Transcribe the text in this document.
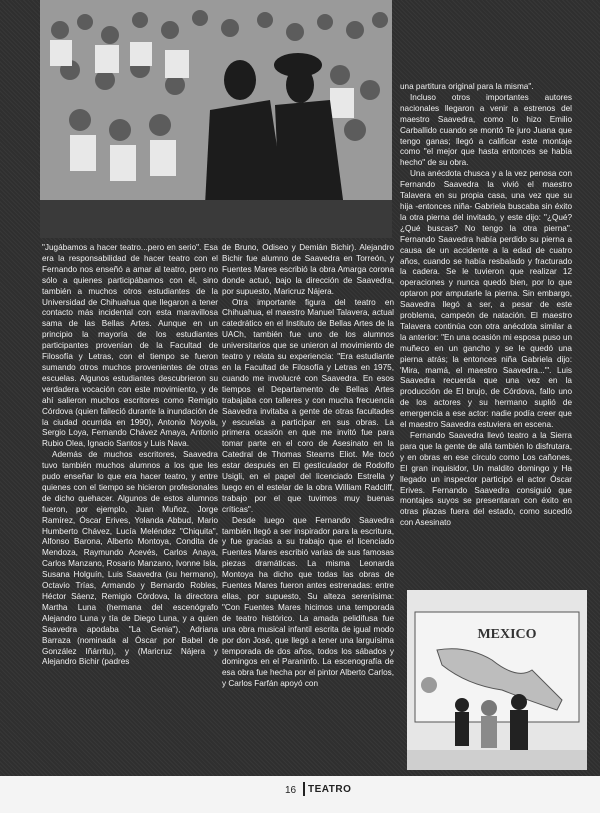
"Jugábamos a hacer teatro...pero en serio". Esa era la responsabilidad de hacer teatro con el Fernando nos enseñó a amar al teatro, pero no sólo a quienes participábamos con él, sino también a muchos otros estudiantes de la Universidad de Chihuahua que llegaron a tener contacto más incidental con esta maravillosa sama de las Bellas Artes. Aunque en un principio la mayoría de los estudiantes participantes provenían de la Facultad de Filosofía y Letras, con el tiempo se fueron sumando otros muchos provenientes de otras escuelas. Algunos estudiantes descubrieron su verdadera vocación con este movimiento, y de ahí salieron muchos escritores como Remigio Córdova (quien falleció durante la inundación de la ciudad ocurrida en 1990), Antonio Noyola, Sergio Loya, Fernando Chávez Amaya, Antonio Rubio Olea, Ignacio Santos y Luis Nava.

Además de muchos escritores, Saavedra tuvo también muchos alumnos a los que les pudo enseñar lo que era hacer teatro, y entre quienes con el tiempo se hicieron profesionales de dicho quehacer. Algunos de estos alumnos fueron, por ejemplo, Juan Muñoz, Jorge Ramírez, Óscar Erives, Yolanda Abbud, Mario Humberto Chávez, Lucía Meléndez "Chiquita", Alfonso Barona, Alberto Montoya, Condita de Mendoza, Raymundo Acevés, Carlos Anaya, Carlos Manzano, Rosario Manzano, Ivonne Isla, Susana Holguín, Luis Saavedra (su hermano), Octavio Trías, Armando y Bernardo Robles, Héctor Sáenz, Remigio Córdova, la directora Martha Luna (hermana del escenógrafo Alejandro Luna y tía de Diego Luna, y a quien Saavedra apodaba "La Genia"), Adriana Barraza (nominada al Óscar por Babel de González Iñárritu), y (Maricruz Nájera y Alejandro Bichir (padres

de Bruno, Odiseo y Demián Bichir). Alejandro Bichir fue alumno de Saavedra en Torreón, y Fuentes Mares escribió la obra Amarga corona donde actuó, bajo la dirección de Saavedra, por supuesto, Maricruz Nájera.

Otra importante figura del teatro en Chihuahua, el maestro Manuel Talavera, actual catedrático en el Instituto de Bellas Artes de la UACh, también fue uno de los alumnos universitarios que se unieron al movimiento de teatro y relata su experiencia: "Era estudiante en la Facultad de Filosofía y Letras en 1975, cuando me involucré con Saavedra. En esos tiempos el Departamento de Bellas Artes trabajaba con talleres y con mucha frecuencia Saavedra invitaba a gente de otras facultades y escuelas a participar en sus obras. La primera ocasión en que me invitó fue para tomar parte en el coro de Asesinato en la Catedral de Thomas Stearns Eliot. Me tocó estar después en El gesticulador de Rodolfo Usigli, en el papel del licenciado Estrella y luego en el estelar de la obra William Radcliff, trabajo por el que tuvimos muy buenas críticas".

Desde luego que Fernando Saavedra también llegó a ser inspirador para la escritura, y fue gracias a su trabajo que el licenciado Fuentes Mares escribió varias de sus famosas piezas dramáticas. La misma Leonarda Montoya ha dicho que todas las obras de Fuentes Mares fueron antes estrenadas: entre ellas, por supuesto, Su alteza serenísima: "Con Fuentes Mares hicimos una temporada de teatro histórico. La amada pelidifusa fue una obra musical infantil escrita de igual modo por don José, que llegó a tener una larguísima temporada de dos años, todos los sábados y domingos en el Paraninfo. La escenografía de esa obra fue hecha por el pintor Alberto Carlos, y Carlos Farfán apoyó con

una partitura original para la misma".

Incluso otros importantes autores nacionales llegaron a venir a estrenos del maestro Saavedra, como lo hizo Emilio Carballido cuando se montó Te juro Juana que tengo ganas; llegó a calificar este montaje como "el mejor que hasta entonces se había hecho" de su obra.

Una anécdota chusca y a la vez penosa con Fernando Saavedra la vivió el maestro Talavera en su propia casa, una vez que su hija -entonces niña- Gabriela buscaba sin éxito la otra pierna del invitado, y este dijo: "¿Qué? ¿Qué buscas? No tengo la otra pierna". Fernando Saavedra había perdido su pierna a causa de un accidente a la edad de cuatro años, cuando se había resbalado y fracturado la cadera. Se le tuvieron que realizar 12 operaciones y nunca quedó bien, por lo que optaron por amputarle la pierna. Sin embargo, Saavedra llegó a ser, a pesar de este problema, campeón de natación. El maestro Talavera continúa con otra anécdota similar a la anterior: "En una ocasión mi esposa puso un muñeco en un gancho y se le quedó una pierna atrás; la entonces niña Gabriela dijo: 'Mira, mamá, el maestro Saavedra...'". Luis Saavedra recuerda que una vez en la producción de El brujo, de Córdova, fallo uno de los actores y su hermano suplió de emergencia a ese actor: nadie podía creer que el maestro Saavedra estuviera en escena.

Fernando Saavedra llevó teatro a la Sierra para que la gente de allá también lo disfrutara, y en obras en ese círculo como Los cañones, El gran inquisidor, Un maldito domingo y Ha llegado un inspector participó el actor Óscar Erives. Fernando Saavedra consiguió que montajes suyos se presentaran con éxito en otras plazas fuera del estado, como sucedió con Asesinato

MEXICO
16 TEATRO
